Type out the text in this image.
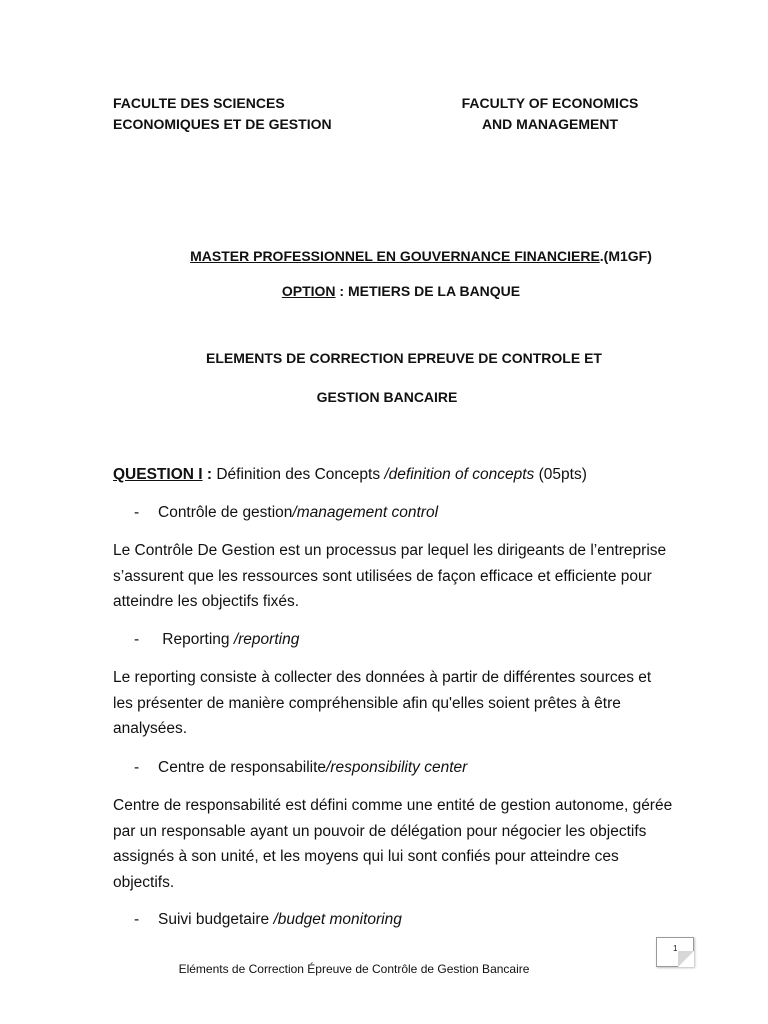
FACULTE DES SCIENCES
ECONOMIQUES ET DE GESTION
FACULTY OF ECONOMICS
AND MANAGEMENT
MASTER PROFESSIONNEL EN GOUVERNANCE FINANCIERE.(M1GF)
OPTION : METIERS DE LA BANQUE
ELEMENTS DE CORRECTION EPREUVE DE CONTROLE ET
GESTION BANCAIRE
QUESTION I : Définition des Concepts /definition of concepts (05pts)
- Contrôle de gestion/management control
Le Contrôle De Gestion est un processus par lequel les dirigeants de l’entreprise s’assurent que les ressources sont utilisées de façon efficace et efficiente pour atteindre les objectifs fixés.
- Reporting /reporting
Le reporting consiste à collecter des données à partir de différentes sources et les présenter de manière compréhensible afin qu'elles soient prêtes à être analysées.
- Centre de responsabilite/responsibility center
Centre de responsabilité est défini comme une entité de gestion autonome, gérée par un responsable ayant un pouvoir de délégation pour négocier les objectifs assignés à son unité, et les moyens qui lui sont confiés pour atteindre ces objectifs.
- Suivi budgetaire /budget monitoring
1
Eléments de Correction Épreuve de Contrôle de Gestion Bancaire
